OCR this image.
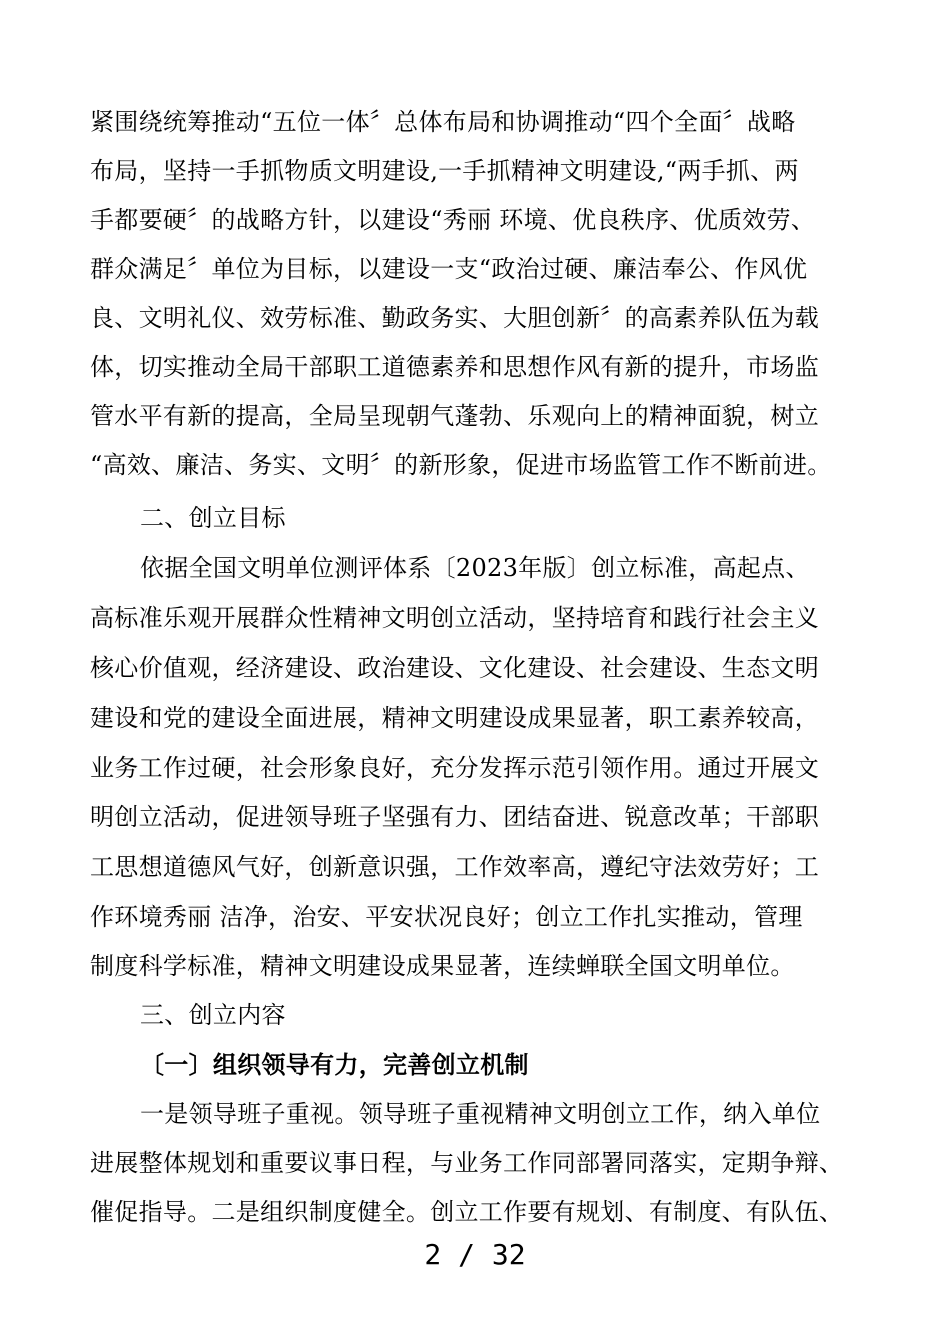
紧围绕统筹推动“五位一体〞总体布局和协调推动“四个全面〞战略
布局，坚持一手抓物质文明建设,一手抓精神文明建设,“两手抓、两
手都要硬〞的战略方针，以建设“秀丽 环境、优良秩序、优质效劳、
群众满足〞单位为目标，以建设一支“政治过硬、廉洁奉公、作风优
良、文明礼仪、效劳标准、勤政务实、大胆创新〞的高素养队伍为载
体，切实推动全局干部职工道德素养和思想作风有新的提升，市场监
管水平有新的提高，全局呈现朝气蓬勃、乐观向上的精神面貌，树立
“高效、廉洁、务实、文明〞的新形象，促进市场监管工作不断前进。
二、创立目标
依据全国文明单位测评体系〔2023年版〕创立标准，高起点、
高标准乐观开展群众性精神文明创立活动，坚持培育和践行社会主义
核心价值观，经济建设、政治建设、文化建设、社会建设、生态文明
建设和党的建设全面进展，精神文明建设成果显著，职工素养较高，
业务工作过硬，社会形象良好，充分发挥示范引领作用。通过开展文
明创立活动，促进领导班子坚强有力、团结奋进、锐意改革；干部职
工思想道德风气好，创新意识强，工作效率高，遵纪守法效劳好；工
作环境秀丽 洁净，治安、平安状况良好；创立工作扎实推动，管理
制度科学标准，精神文明建设成果显著，连续蝉联全国文明单位。
三、创立内容
〔一〕组织领导有力，完善创立机制
一是领导班子重视。领导班子重视精神文明创立工作，纳入单位
进展整体规划和重要议事日程，与业务工作同部署同落实，定期争辩、
催促指导。二是组织制度健全。创立工作要有规划、有制度、有队伍、
2 / 32
